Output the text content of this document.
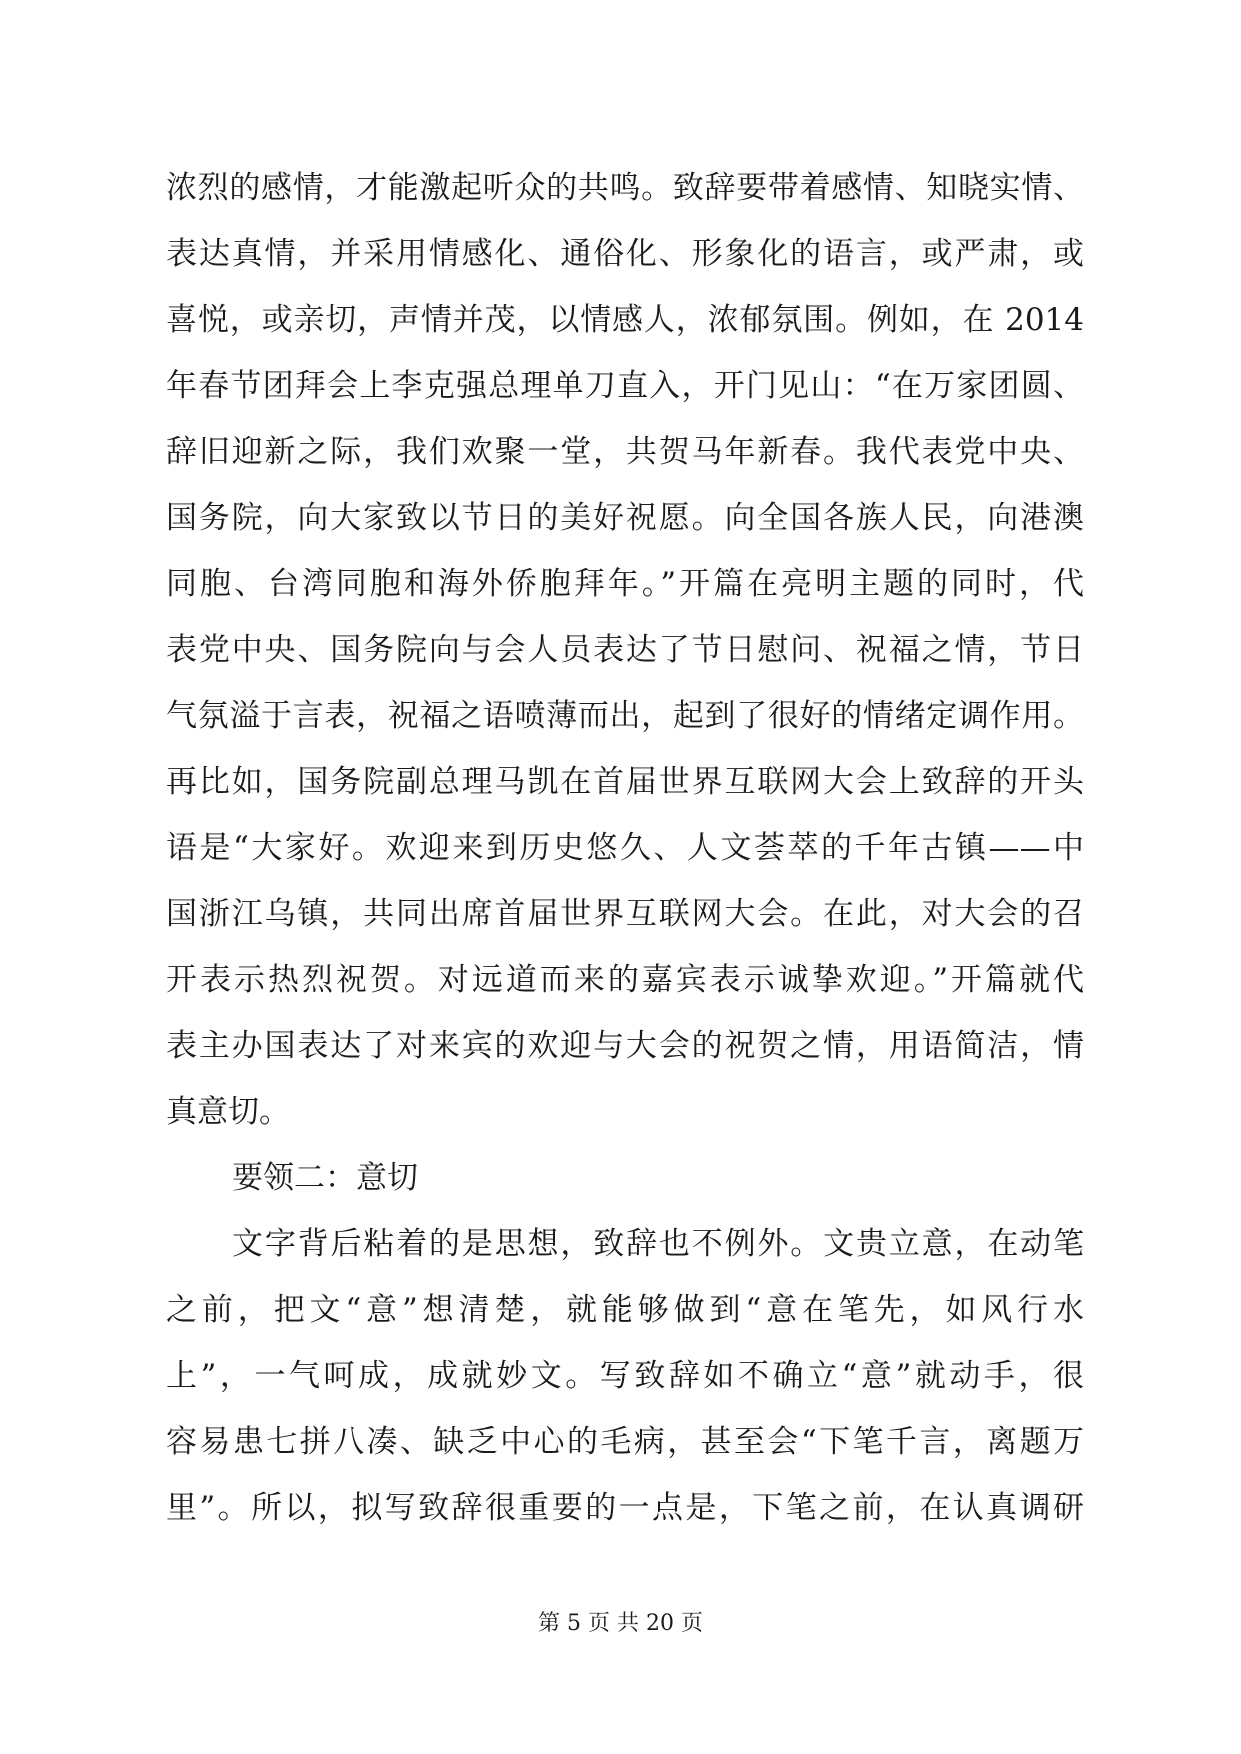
浓烈的感情，才能激起听众的共鸣。致辞要带着感情、知晓实情、
表达真情，并采用情感化、通俗化、形象化的语言，或严肃，或
喜悦，或亲切，声情并茂，以情感人，浓郁氛围。例如，在 2014
年春节团拜会上李克强总理单刀直入，开门见山：“在万家团圆、
辞旧迎新之际，我们欢聚一堂，共贺马年新春。我代表党中央、
国务院，向大家致以节日的美好祝愿。向全国各族人民，向港澳
同胞、台湾同胞和海外侨胞拜年。”开篇在亮明主题的同时，代
表党中央、国务院向与会人员表达了节日慰问、祝福之情，节日
气氛溢于言表，祝福之语喷薄而出，起到了很好的情绪定调作用。
再比如，国务院副总理马凯在首届世界互联网大会上致辞的开头
语是“大家好。欢迎来到历史悠久、人文荟萃的千年古镇——中
国浙江乌镇，共同出席首届世界互联网大会。在此，对大会的召
开表示热烈祝贺。对远道而来的嘉宾表示诚挚欢迎。”开篇就代
表主办国表达了对来宾的欢迎与大会的祝贺之情，用语简洁，情
真意切。
要领二：意切
文字背后粘着的是思想，致辞也不例外。文贵立意，在动笔
之前，把文“意”想清楚，就能够做到“意在笔先，如风行水
上”，一气呵成，成就妙文。写致辞如不确立“意”就动手，很
容易患七拼八凑、缺乏中心的毛病，甚至会“下笔千言，离题万
里”。所以，拟写致辞很重要的一点是，下笔之前，在认真调研
第 5 页 共 20 页
